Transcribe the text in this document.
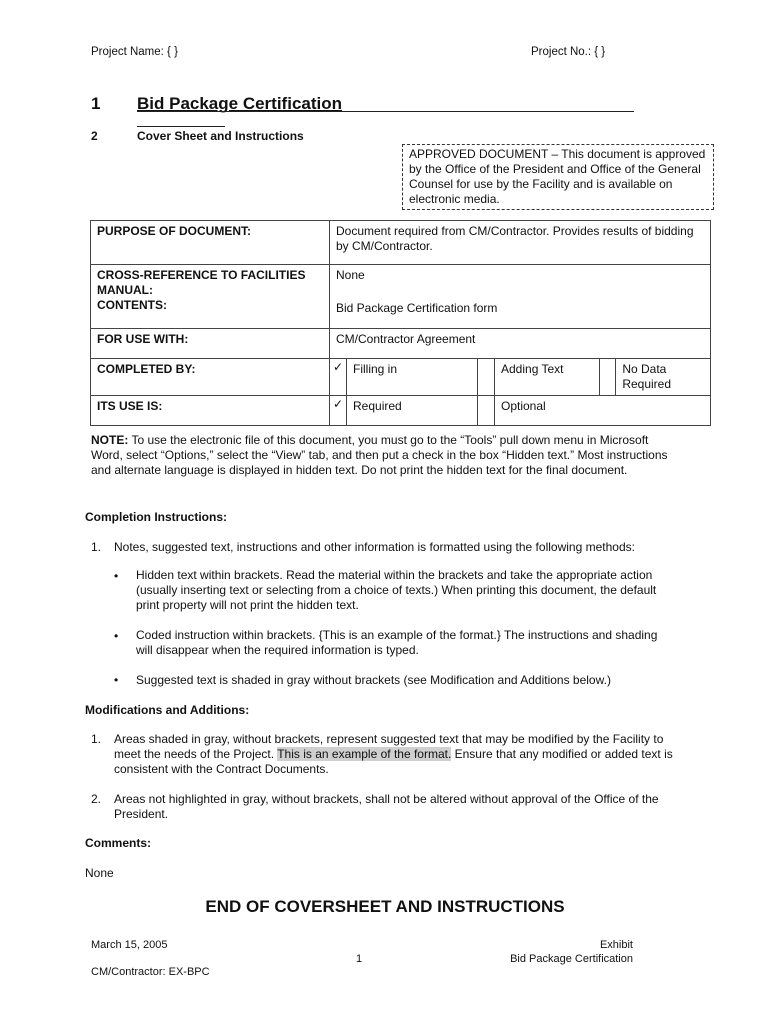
Project Name: { }	Project No.: { }
1 Bid Package Certification
2	Cover Sheet and Instructions
APPROVED DOCUMENT – This document is approved by the Office of the President and Office of the General Counsel for use by the Facility and is available on electronic media.
PURPOSE OF DOCUMENT:	Document required from CM/Contractor. Provides results of bidding by CM/Contractor.				
CROSS-REFERENCE TO FACILITIES MANUAL:	None				
CONTENTS:	Bid Package Certification form				
FOR USE WITH:	CM/Contractor Agreement				
COMPLETED BY:	✓	Filling in		Adding Text	No Data Required

ITS USE IS:	✓	Required		Optional	
NOTE: To use the electronic file of this document, you must go to the “Tools” pull down menu in Microsoft Word, select “Options,” select the “View” tab, and then put a check in the box “Hidden text.” Most instructions and alternate language is displayed in hidden text. Do not print the hidden text for the final document.
Completion Instructions:
1. Notes, suggested text, instructions and other information is formatted using the following methods:
• Hidden text within brackets. Read the material within the brackets and take the appropriate action (usually inserting text or selecting from a choice of texts.) When printing this document, the default print property will not print the hidden text.
• Coded instruction within brackets. {This is an example of the format.} The instructions and shading will disappear when the required information is typed.
• Suggested text is shaded in gray without brackets (see Modification and Additions below.)
Modifications and Additions:
1. Areas shaded in gray, without brackets, represent suggested text that may be modified by the Facility to meet the needs of the Project. This is an example of the format. Ensure that any modified or added text is consistent with the Contract Documents.
2. Areas not highlighted in gray, without brackets, shall not be altered without approval of the Office of the President.
Comments:
None
END OF COVERSHEET AND INSTRUCTIONS
March 15, 2005
1
Exhibit
Bid Package Certification
CM/Contractor: EX-BPC
